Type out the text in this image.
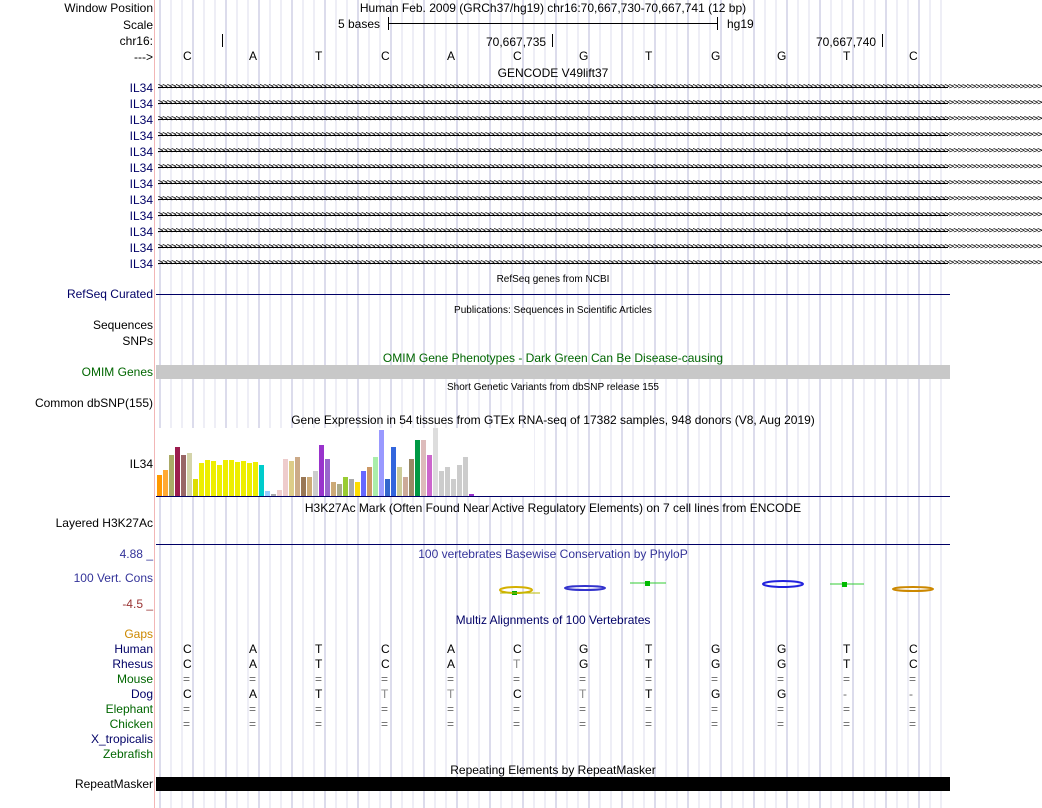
Window Position	Human Feb. 2009 (GRCh37/hg19) chr16:70,667,730-70,667,741 (12 bp)
Scale	5 bases	hg19
chr16:	70,667,735	70,667,740
--->	C	A	T	C	A	C	G	T	G	G	T	C
GENCODE V49lift37
IL34 >>>>>>>>>>>>>>>>>>>>>>>>>>>>>>>>>>>>>>>>>>>>>>>>>>>>>>>>>>>>>>>>>>>>>>>>>>>>>>>>>>>>>>>>>>>>>>>>>>>>>>>>>>>>>>>>>>>>>>>>>>>>>>>>>>>>>>>>>>>>>>>>>>>>>>>>>>>>>>>>>>>>>>>>>>>>>>>>>>>>>>>>>>>>>>>>>>>>>>>>
IL34 >>>>>>>>>>>>>>>>>>>>>>>>>>>>>>>>>>>>>>>>>>>>>>>>>>>>>>>>>>>>>>>>>>>>>>>>>>>>>>>>>>>>>>>>>>>>>>>>>>>>>>>>>>>>>>>>>>>>>>>>>>>>>>>>>>>>>>>>>>>>>>>>>>>>>>>>>>>>>>>>>>>>>>>>>>>>>>>>>>>>>>>>>>>>>>>>>>>>>>>>
IL34 >>>>>>>>>>>>>>>>>>>>>>>>>>>>>>>>>>>>>>>>>>>>>>>>>>>>>>>>>>>>>>>>>>>>>>>>>>>>>>>>>>>>>>>>>>>>>>>>>>>>>>>>>>>>>>>>>>>>>>>>>>>>>>>>>>>>>>>>>>>>>>>>>>>>>>>>>>>>>>>>>>>>>>>>>>>>>>>>>>>>>>>>>>>>>>>>>>>>>>>>
IL34 >>>>>>>>>>>>>>>>>>>>>>>>>>>>>>>>>>>>>>>>>>>>>>>>>>>>>>>>>>>>>>>>>>>>>>>>>>>>>>>>>>>>>>>>>>>>>>>>>>>>>>>>>>>>>>>>>>>>>>>>>>>>>>>>>>>>>>>>>>>>>>>>>>>>>>>>>>>>>>>>>>>>>>>>>>>>>>>>>>>>>>>>>>>>>>>>>>>>>>>>
IL34 >>>>>>>>>>>>>>>>>>>>>>>>>>>>>>>>>>>>>>>>>>>>>>>>>>>>>>>>>>>>>>>>>>>>>>>>>>>>>>>>>>>>>>>>>>>>>>>>>>>>>>>>>>>>>>>>>>>>>>>>>>>>>>>>>>>>>>>>>>>>>>>>>>>>>>>>>>>>>>>>>>>>>>>>>>>>>>>>>>>>>>>>>>>>>>>>>>>>>>>>
IL34 >>>>>>>>>>>>>>>>>>>>>>>>>>>>>>>>>>>>>>>>>>>>>>>>>>>>>>>>>>>>>>>>>>>>>>>>>>>>>>>>>>>>>>>>>>>>>>>>>>>>>>>>>>>>>>>>>>>>>>>>>>>>>>>>>>>>>>>>>>>>>>>>>>>>>>>>>>>>>>>>>>>>>>>>>>>>>>>>>>>>>>>>>>>>>>>>>>>>>>>>
IL34 >>>>>>>>>>>>>>>>>>>>>>>>>>>>>>>>>>>>>>>>>>>>>>>>>>>>>>>>>>>>>>>>>>>>>>>>>>>>>>>>>>>>>>>>>>>>>>>>>>>>>>>>>>>>>>>>>>>>>>>>>>>>>>>>>>>>>>>>>>>>>>>>>>>>>>>>>>>>>>>>>>>>>>>>>>>>>>>>>>>>>>>>>>>>>>>>>>>>>>>>
IL34 >>>>>>>>>>>>>>>>>>>>>>>>>>>>>>>>>>>>>>>>>>>>>>>>>>>>>>>>>>>>>>>>>>>>>>>>>>>>>>>>>>>>>>>>>>>>>>>>>>>>>>>>>>>>>>>>>>>>>>>>>>>>>>>>>>>>>>>>>>>>>>>>>>>>>>>>>>>>>>>>>>>>>>>>>>>>>>>>>>>>>>>>>>>>>>>>>>>>>>>>
IL34 >>>>>>>>>>>>>>>>>>>>>>>>>>>>>>>>>>>>>>>>>>>>>>>>>>>>>>>>>>>>>>>>>>>>>>>>>>>>>>>>>>>>>>>>>>>>>>>>>>>>>>>>>>>>>>>>>>>>>>>>>>>>>>>>>>>>>>>>>>>>>>>>>>>>>>>>>>>>>>>>>>>>>>>>>>>>>>>>>>>>>>>>>>>>>>>>>>>>>>>>
IL34 >>>>>>>>>>>>>>>>>>>>>>>>>>>>>>>>>>>>>>>>>>>>>>>>>>>>>>>>>>>>>>>>>>>>>>>>>>>>>>>>>>>>>>>>>>>>>>>>>>>>>>>>>>>>>>>>>>>>>>>>>>>>>>>>>>>>>>>>>>>>>>>>>>>>>>>>>>>>>>>>>>>>>>>>>>>>>>>>>>>>>>>>>>>>>>>>>>>>>>>>
IL34 >>>>>>>>>>>>>>>>>>>>>>>>>>>>>>>>>>>>>>>>>>>>>>>>>>>>>>>>>>>>>>>>>>>>>>>>>>>>>>>>>>>>>>>>>>>>>>>>>>>>>>>>>>>>>>>>>>>>>>>>>>>>>>>>>>>>>>>>>>>>>>>>>>>>>>>>>>>>>>>>>>>>>>>>>>>>>>>>>>>>>>>>>>>>>>>>>>>>>>>>
IL34 >>>>>>>>>>>>>>>>>>>>>>>>>>>>>>>>>>>>>>>>>>>>>>>>>>>>>>>>>>>>>>>>>>>>>>>>>>>>>>>>>>>>>>>>>>>>>>>>>>>>>>>>>>>>>>>>>>>>>>>>>>>>>>>>>>>>>>>>>>>>>>>>>>>>>>>>>>>>>>>>>>>>>>>>>>>>>>>>>>>>>>>>>>>>>>>>>>>>>>>>
RefSeq genes from NCBI
RefSeq Curated
Publications: Sequences in Scientific Articles
Sequences
SNPs
OMIM Gene Phenotypes - Dark Green Can Be Disease-causing
OMIM Genes
Short Genetic Variants from dbSNP release 155
Common dbSNP(155)
Gene Expression in 54 tissues from GTEx RNA-seq of 17382 samples, 948 donors (V8, Aug 2019)
IL34
H3K27Ac Mark (Often Found Near Active Regulatory Elements) on 7 cell lines from ENCODE
Layered H3K27Ac
4.88 _	100 vertebrates Basewise Conservation by PhyloP
100 Vert. Cons
-4.5 _
Multiz Alignments of 100 Vertebrates
Gaps
Human	C	A	T	C	A	C	G	T	G	G	T	C
Rhesus	C	A	T	C	A	T	G	T	G	G	T	C
Mouse	=	=	=	=	=	=	=	=	=	=	=	=
Dog	C	A	T	T	T	C	T	T	G	G	-	-
Elephant	=	=	=	=	=	=	=	=	=	=	=	=
Chicken	=	=	=	=	=	=	=	=	=	=	=	=
X_tropicalis
Zebrafish
Repeating Elements by RepeatMasker
RepeatMasker
